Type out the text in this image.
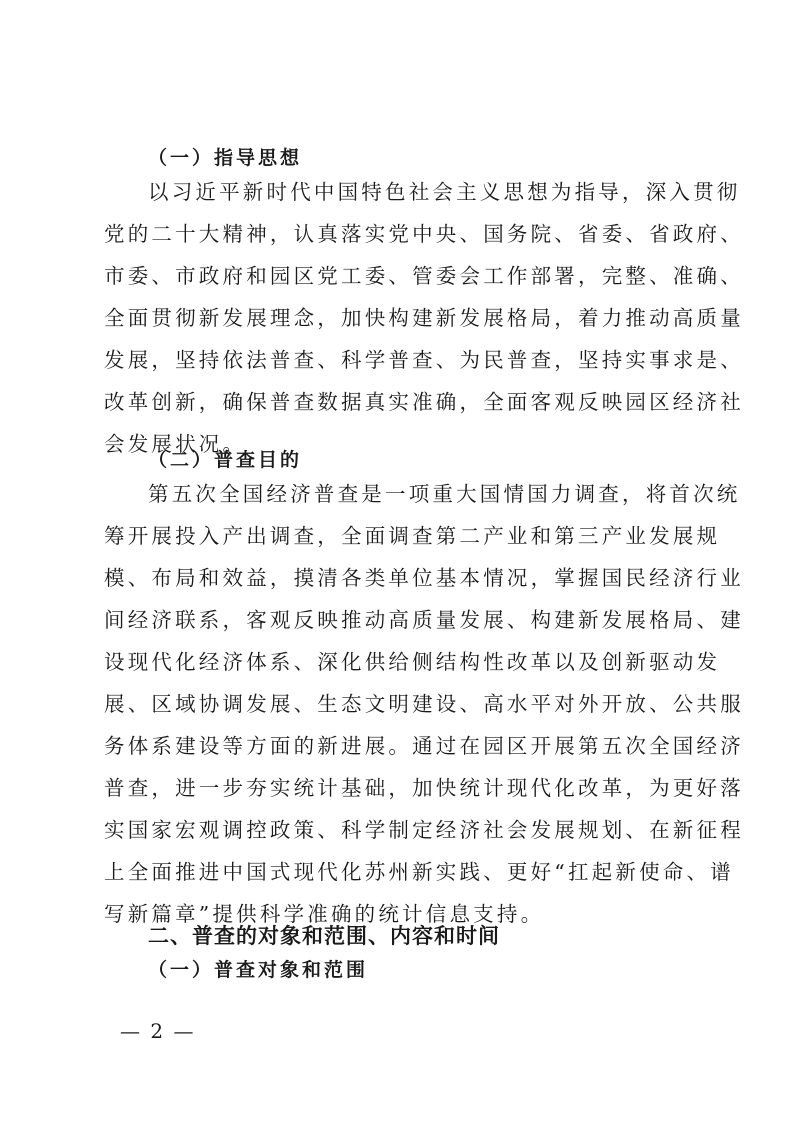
（一）指导思想
以习近平新时代中国特色社会主义思想为指导，深入贯彻
党的二十大精神，认真落实党中央、国务院、省委、省政府、
市委、市政府和园区党工委、管委会工作部署，完整、准确、
全面贯彻新发展理念，加快构建新发展格局，着力推动高质量
发展，坚持依法普查、科学普查、为民普查，坚持实事求是、
改革创新，确保普查数据真实准确，全面客观反映园区经济社
会发展状况。
（二）普查目的
第五次全国经济普查是一项重大国情国力调查，将首次统
筹开展投入产出调查，全面调查第二产业和第三产业发展规
模、布局和效益，摸清各类单位基本情况，掌握国民经济行业
间经济联系，客观反映推动高质量发展、构建新发展格局、建
设现代化经济体系、深化供给侧结构性改革以及创新驱动发
展、区域协调发展、生态文明建设、高水平对外开放、公共服
务体系建设等方面的新进展。通过在园区开展第五次全国经济
普查，进一步夯实统计基础，加快统计现代化改革，为更好落
实国家宏观调控政策、科学制定经济社会发展规划、在新征程
上全面推进中国式现代化苏州新实践、更好“扛起新使命、谱
写新篇章”提供科学准确的统计信息支持。
二、普查的对象和范围、内容和时间
（一）普查对象和范围
— 2 —
